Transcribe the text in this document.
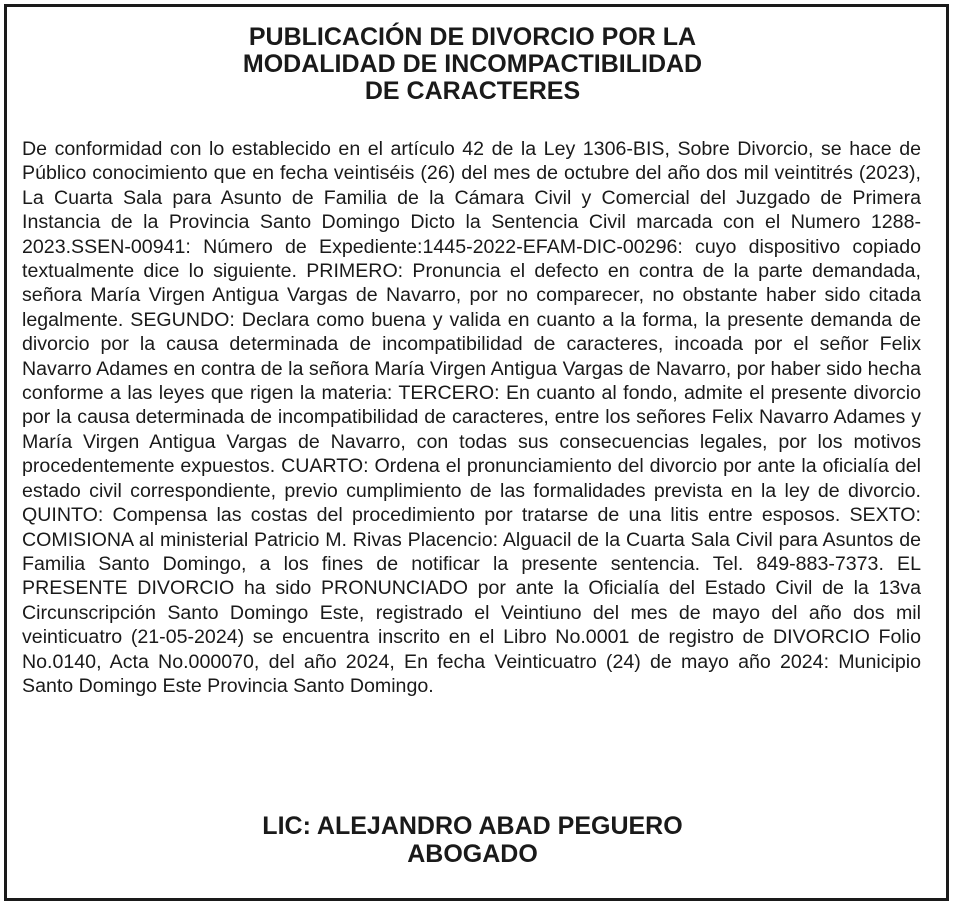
PUBLICACIÓN DE DIVORCIO POR LA
MODALIDAD DE INCOMPACTIBILIDAD
DE CARACTERES

De conformidad con lo establecido en el artículo 42 de la Ley 1306-BIS, Sobre Divorcio, se hace de Público conocimiento que en fecha veintiséis (26) del mes de octubre del año dos mil veintitrés (2023), La Cuarta Sala para Asunto de Familia de la Cámara Civil y Comercial del Juzgado de Primera Instancia de la Provincia Santo Domingo Dicto la Sentencia Civil marcada con el Numero 1288-2023.SSEN-00941: Número de Expediente:1445-2022-EFAM-DIC-00296: cuyo dispositivo copiado textualmente dice lo siguiente. PRIMERO: Pronuncia el defecto en contra de la parte demandada, señora María Virgen Antigua Vargas de Navarro, por no comparecer, no obstante haber sido citada legalmente. SEGUNDO: Declara como buena y valida en cuanto a la forma, la presente demanda de divorcio por la causa determinada de incompatibilidad de caracteres, incoada por el señor Felix Navarro Adames en contra de la señora María Virgen Antigua Vargas de Navarro, por haber sido hecha conforme a las leyes que rigen la materia: TERCERO: En cuanto al fondo, admite el presente divorcio por la causa determinada de incompatibilidad de caracteres, entre los señores Felix Navarro Adames y María Virgen Antigua Vargas de Navarro, con todas sus consecuencias legales, por los motivos procedentemente expuestos. CUARTO: Ordena el pronunciamiento del divorcio por ante la oficialía del estado civil correspondiente, previo cumplimiento de las formalidades prevista en la ley de divorcio. QUINTO: Compensa las costas del procedimiento por tratarse de una litis entre esposos. SEXTO: COMISIONA al ministerial Patricio M. Rivas Placencio: Alguacil de la Cuarta Sala Civil para Asuntos de Familia Santo Domingo, a los fines de notificar la presente sentencia. Tel. 849-883-7373. EL PRESENTE DIVORCIO ha sido PRONUNCIADO por ante la Oficialía del Estado Civil de la 13va Circunscripción Santo Domingo Este, registrado el Veintiuno del mes de mayo del año dos mil veinticuatro (21-05-2024) se encuentra inscrito en el Libro No.0001 de registro de DIVORCIO Folio No.0140, Acta No.000070, del año 2024, En fecha Veinticuatro (24) de mayo año 2024: Municipio Santo Domingo Este Provincia Santo Domingo.

LIC: ALEJANDRO ABAD PEGUERO
ABOGADO
